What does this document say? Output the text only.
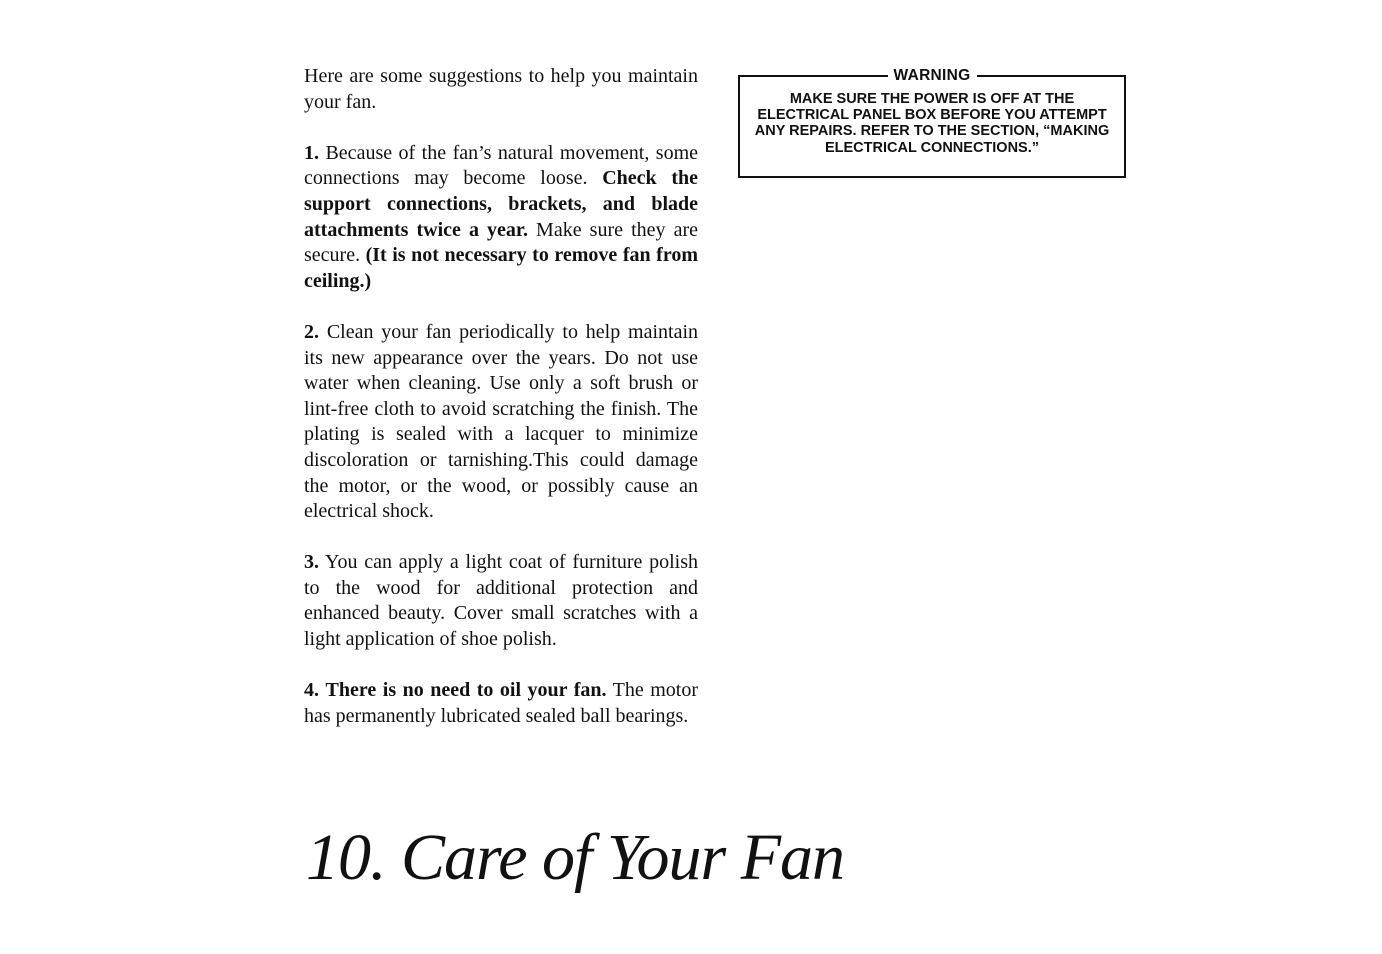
Here are some suggestions to help you maintain your fan.

1. Because of the fan’s natural movement, some connections may become loose. Check the support connections, brackets, and blade attachments twice a year. Make sure they are secure. (It is not necessary to remove fan from ceiling.)

2. Clean your fan periodically to help maintain its new appearance over the years. Do not use water when cleaning. Use only a soft brush or lint-free cloth to avoid scratching the finish. The plating is sealed with a lacquer to minimize discoloration or tarnishing.This could damage the motor, or the wood, or possibly cause an electrical shock.

3. You can apply a light coat of furniture polish to the wood for additional protection and enhanced beauty. Cover small scratches with a light application of shoe polish.

4. There is no need to oil your fan. The motor has permanently lubricated sealed ball bearings.

WARNING
MAKE SURE THE POWER IS OFF AT THE ELECTRICAL PANEL BOX BEFORE YOU ATTEMPT ANY REPAIRS. REFER TO THE SECTION, “MAKING ELECTRICAL CONNECTIONS.”
10. Care of Your Fan
